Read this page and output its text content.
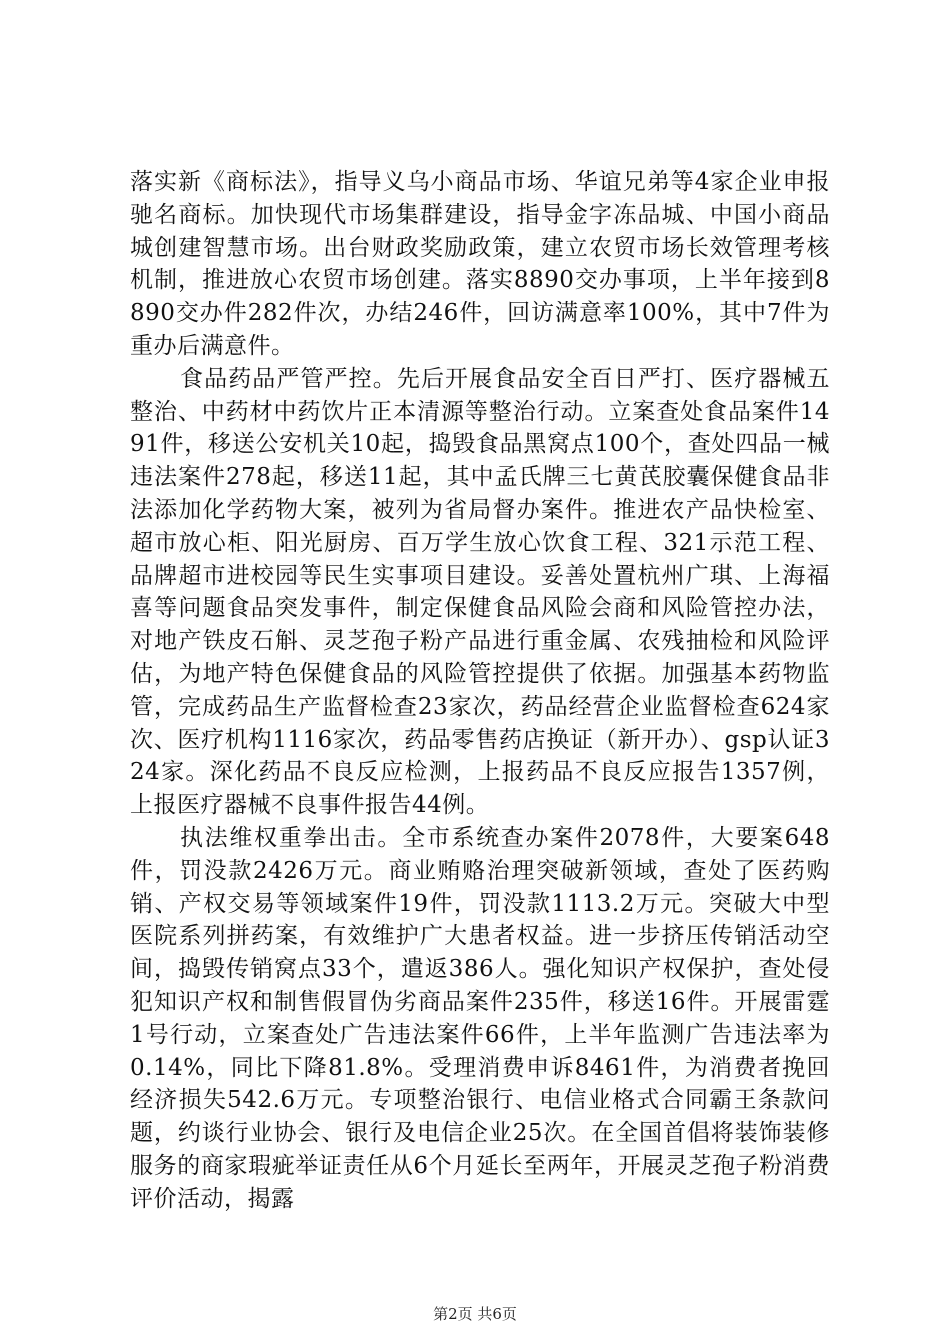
落实新《商标法》，指导义乌小商品市场、华谊兄弟等4家企业申报驰名商标。加快现代市场集群建设，指导金字冻品城、中国小商品城创建智慧市场。出台财政奖励政策，建立农贸市场长效管理考核机制，推进放心农贸市场创建。落实8890交办事项，上半年接到8890交办件282件次，办结246件，回访满意率100%，其中7件为重办后满意件。

食品药品严管严控。先后开展食品安全百日严打、医疗器械五整治、中药材中药饮片正本清源等整治行动。立案查处食品案件1491件，移送公安机关10起，捣毁食品黑窝点100个，查处四品一械违法案件278起，移送11起，其中孟氏牌三七黄芪胶囊保健食品非法添加化学药物大案，被列为省局督办案件。推进农产品快检室、超市放心柜、阳光厨房、百万学生放心饮食工程、321示范工程、品牌超市进校园等民生实事项目建设。妥善处置杭州广琪、上海福喜等问题食品突发事件，制定保健食品风险会商和风险管控办法，对地产铁皮石斛、灵芝孢子粉产品进行重金属、农残抽检和风险评估，为地产特色保健食品的风险管控提供了依据。加强基本药物监管，完成药品生产监督检查23家次，药品经营企业监督检查624家次、医疗机构1116家次，药品零售药店换证（新开办）、gsp认证324家。深化药品不良反应检测，上报药品不良反应报告1357例，上报医疗器械不良事件报告44例。

执法维权重拳出击。全市系统查办案件2078件，大要案648件，罚没款2426万元。商业贿赂治理突破新领域，查处了医药购销、产权交易等领域案件19件，罚没款1113.2万元。突破大中型医院系列拼药案，有效维护广大患者权益。进一步挤压传销活动空间，捣毁传销窝点33个，遣返386人。强化知识产权保护，查处侵犯知识产权和制售假冒伪劣商品案件235件，移送16件。开展雷霆1号行动，立案查处广告违法案件66件，上半年监测广告违法率为0.14%，同比下降81.8%。受理消费申诉8461件，为消费者挽回经济损失542.6万元。专项整治银行、电信业格式合同霸王条款问题，约谈行业协会、银行及电信企业25次。在全国首倡将装饰装修服务的商家瑕疵举证责任从6个月延长至两年，开展灵芝孢子粉消费评价活动，揭露

第2页 共6页
